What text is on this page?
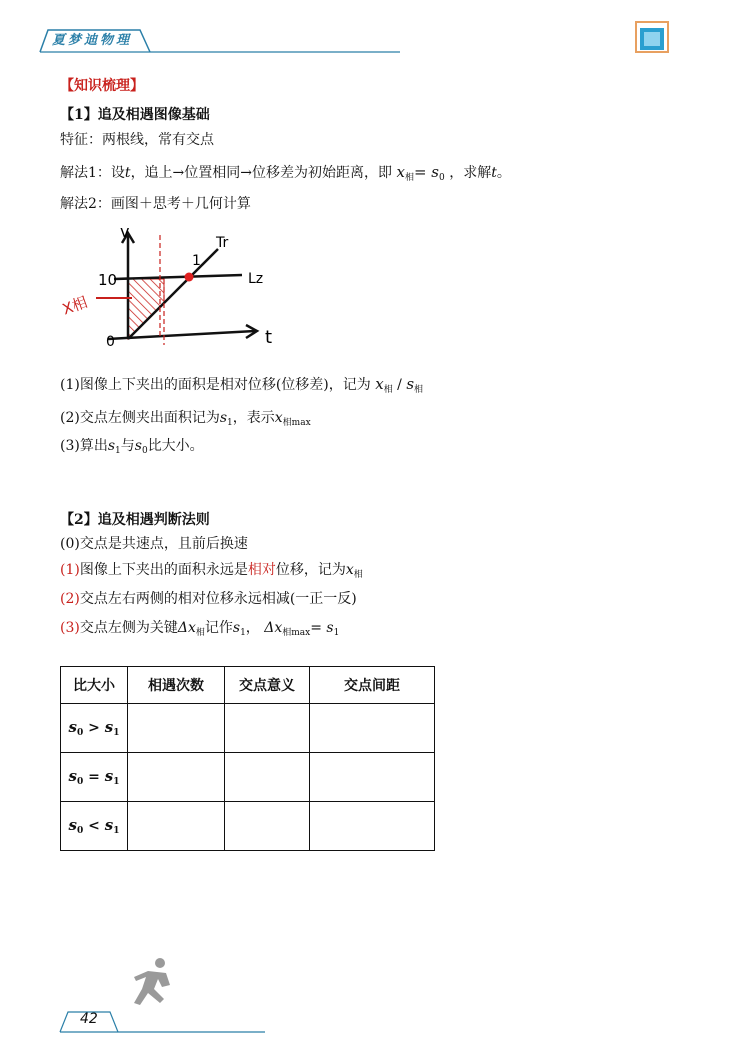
夏梦迪物理
【知识梳理】
【1】追及相遇图像基础
特征：两根线，常有交点
解法1：设t，追上→位置相同→位移差为初始距离，即 $x_相= s_0$ ，求解t。
解法2：画图＋思考＋几何计算
v
t
0
10
Tr
Lz
X相
1
(1)图像上下夹出的面积是相对位移(位移差)，记为 $x_相 / s_相$
(2)交点左侧夹出面积记为$s_1$，表示$x_{相max}$
(3)算出$s_1$与$s_0$比大小。
【2】追及相遇判断法则
(0)交点是共速点，且前后换速
(1)图像上下夹出的面积永远是相对位移，记为$x_相$
(2)交点左右两侧的相对位移永远相减(一正一反)
(3)交点左侧为关键$\Delta x_相$记作$s_1$， $\Delta x_{相max}= s_1$
比大小	相遇次数	交点意义	交点间距
$s_0 > s_1$			
$s_0 = s_1$			
$s_0 < s_1$			
42
